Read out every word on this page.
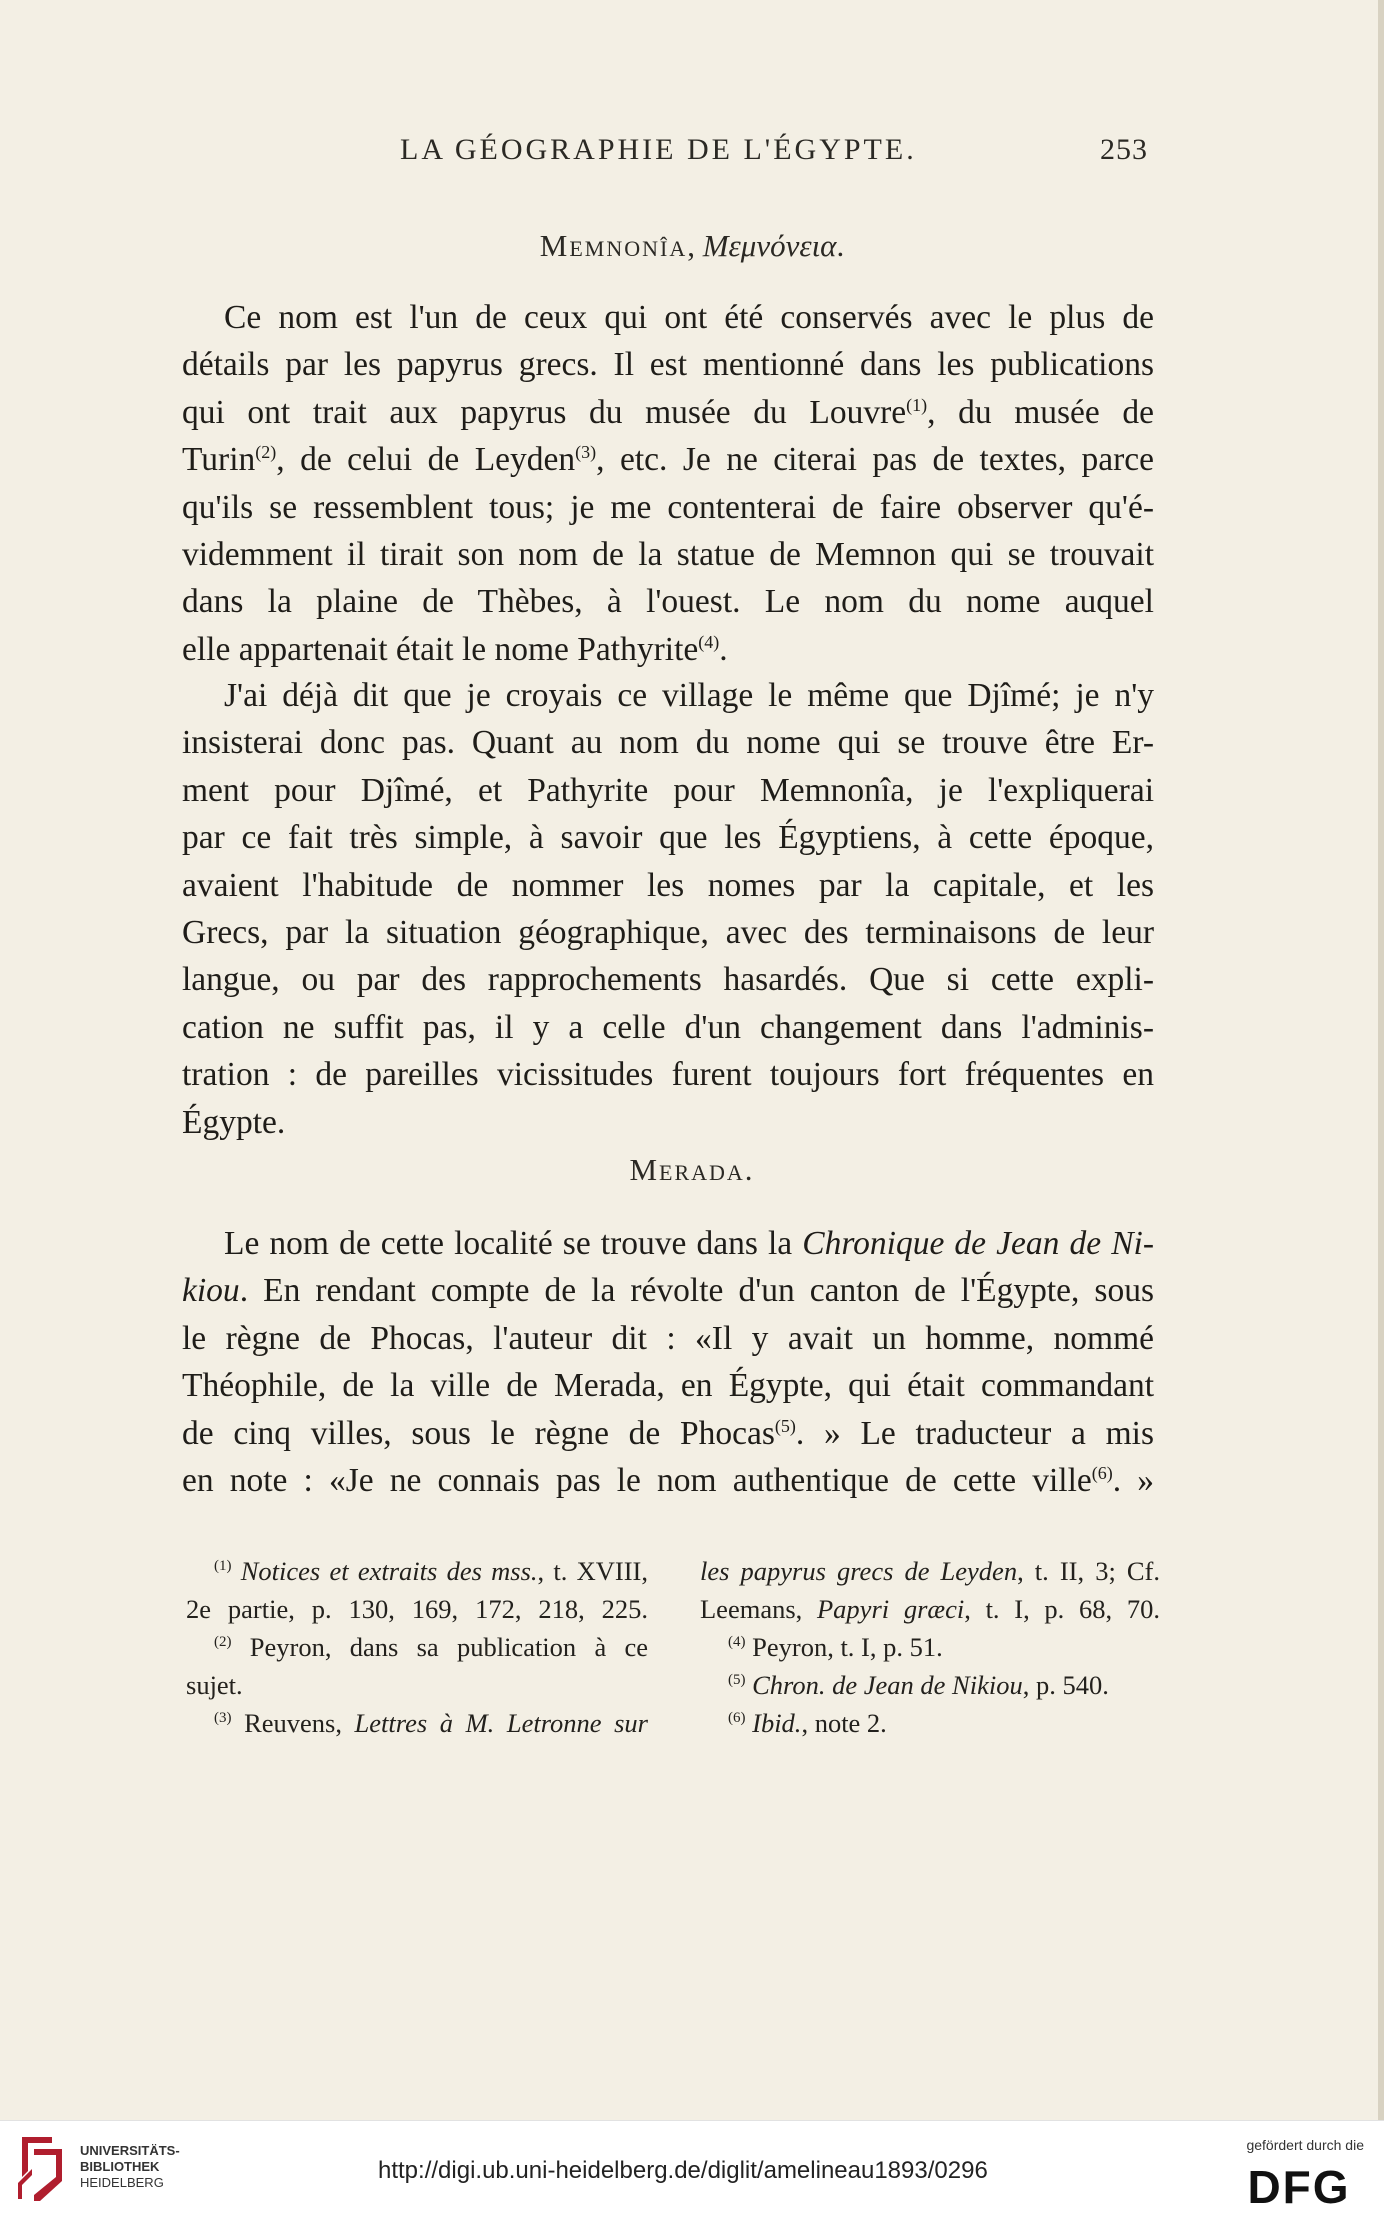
LA GÉOGRAPHIE DE L'ÉGYPTE.	253
Memnonîa, Μεμνόνεια.
Ce nom est l'un de ceux qui ont été conservés avec le plus de
détails par les papyrus grecs. Il est mentionné dans les publications
qui ont trait aux papyrus du musée du Louvre$^{(1)}$, du musée de
Turin$^{(2)}$, de celui de Leyden$^{(3)}$, etc. Je ne citerai pas de textes, parce
qu'ils se ressemblent tous; je me contenterai de faire observer qu'é-
videmment il tirait son nom de la statue de Memnon qui se trouvait
dans la plaine de Thèbes, à l'ouest. Le nom du nome auquel
elle appartenait était le nome Pathyrite$^{(4)}$.
J'ai déjà dit que je croyais ce village le même que Djîmé; je n'y
insisterai donc pas. Quant au nom du nome qui se trouve être Er-
ment pour Djîmé, et Pathyrite pour Memnonîa, je l'expliquerai
par ce fait très simple, à savoir que les Égyptiens, à cette époque,
avaient l'habitude de nommer les nomes par la capitale, et les
Grecs, par la situation géographique, avec des terminaisons de leur
langue, ou par des rapprochements hasardés. Que si cette expli-
cation ne suffit pas, il y a celle d'un changement dans l'adminis-
tration : de pareilles vicissitudes furent toujours fort fréquentes en
Égypte.
Merada.
Le nom de cette localité se trouve dans la Chronique de Jean de Ni-
kiou. En rendant compte de la révolte d'un canton de l'Égypte, sous
le règne de Phocas, l'auteur dit : «Il y avait un homme, nommé
Théophile, de la ville de Merada, en Égypte, qui était commandant
de cinq villes, sous le règne de Phocas$^{(5)}$. » Le traducteur a mis
en note : «Je ne connais pas le nom authentique de cette ville$^{(6)}$. »
$^{(1)}$ Notices et extraits des mss., t. XVIII,
2e partie, p. 130, 169, 172, 218, 225.
$^{(2)}$ Peyron, dans sa publication à ce
sujet.
$^{(3)}$ Reuvens, Lettres à M. Letronne sur
les papyrus grecs de Leyden, t. II, 3; Cf.
Leemans, Papyri græci, t. I, p. 68, 70.
$^{(4)}$ Peyron, t. I, p. 51.
$^{(5)}$ Chron. de Jean de Nikiou, p. 540.
$^{(6)}$ Ibid., note 2.
UNIVERSITÄTS-
BIBLIOTHEK
HEIDELBERG	http://digi.ub.uni-heidelberg.de/diglit/amelineau1893/0296
gefördert durch die
DFG
